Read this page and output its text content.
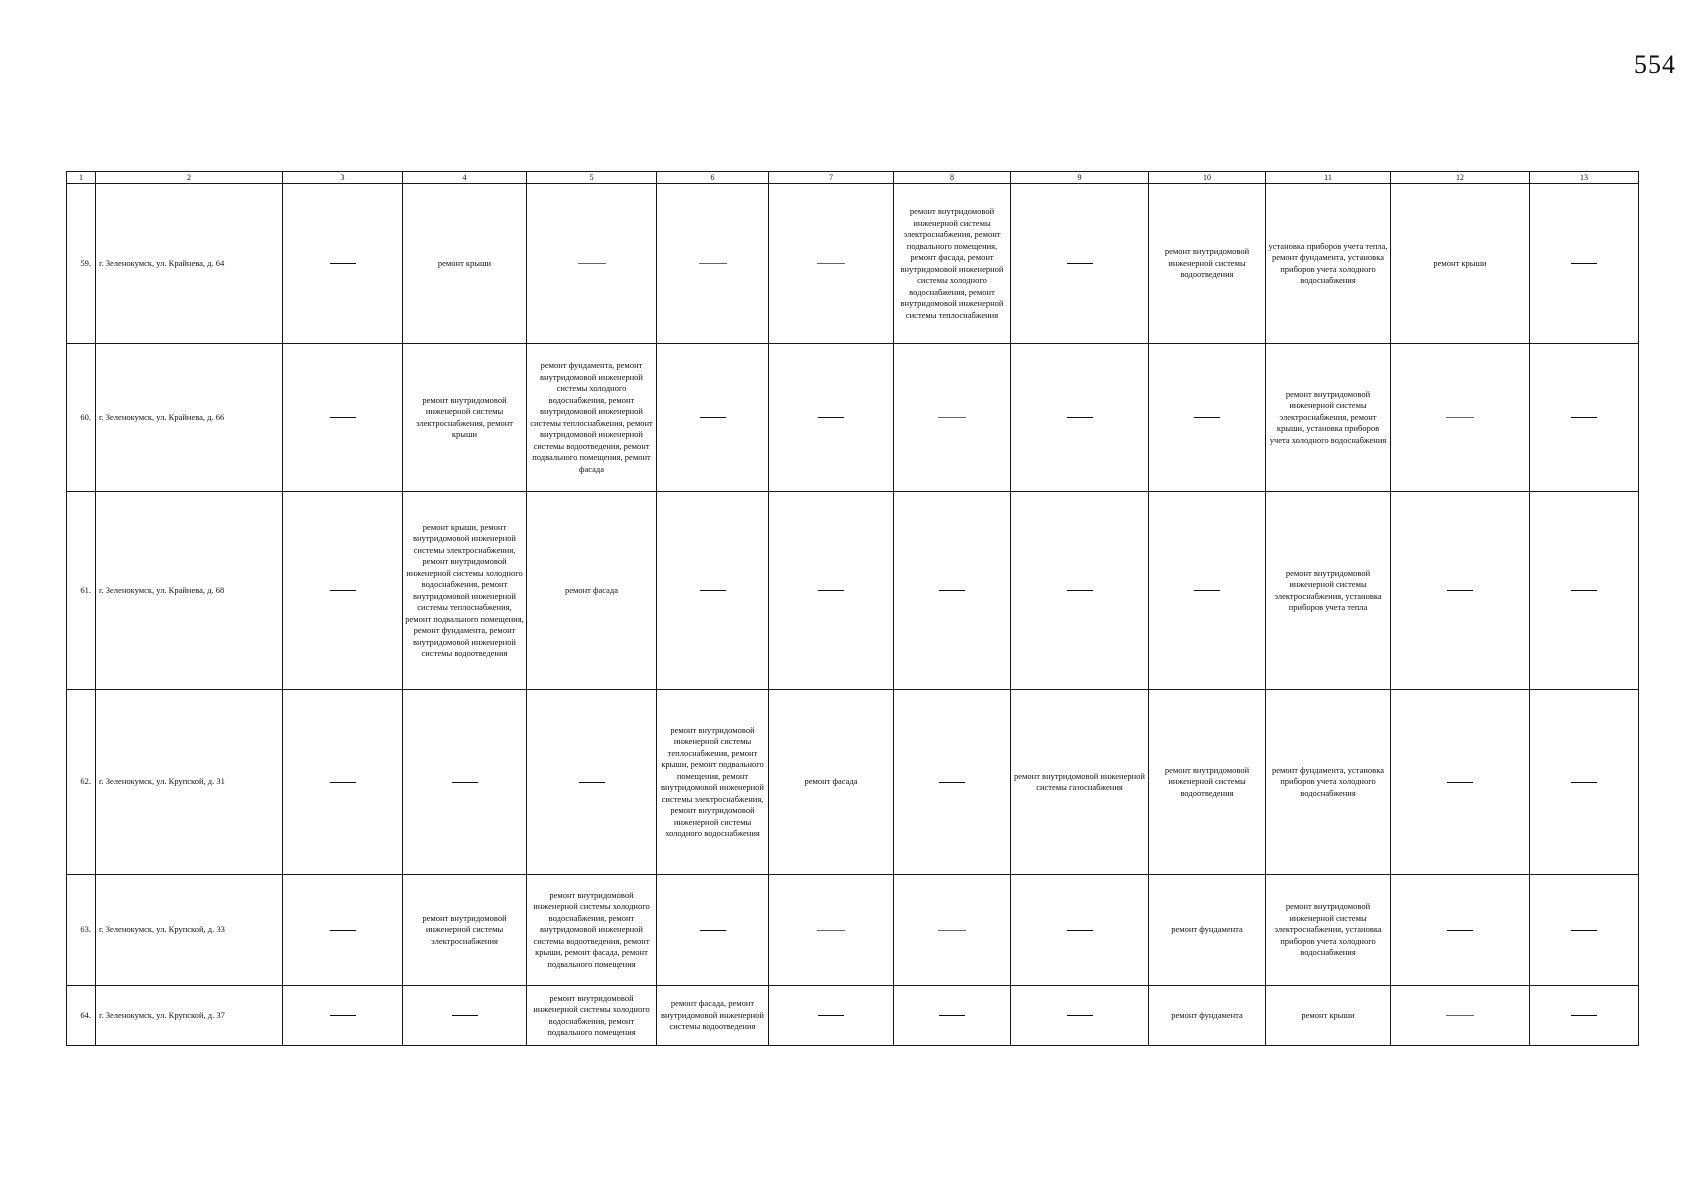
554
1	2	3	4	5	6	7	8	9	10	11	12	13
59.	г. Зеленокумск, ул. Крайнева, д. 64		ремонт крыши				ремонт внутридомовой инженерной системы электроснабжения, ремонт подвального помещения, ремонт фасада, ремонт внутридомовой инженерной системы холодного водоснабжения, ремонт внутридомовой инженерной системы теплоснабжения		ремонт внутридомовой инженерной системы водоотведения	установка приборов учета тепла, ремонт фундамента, установка приборов учета холодного водоснабжения	ремонт крыши	
60.	г. Зеленокумск, ул. Крайнева, д. 66		ремонт внутридомовой инженерной системы электроснабжения, ремонт крыши	ремонт фундамента, ремонт внутридомовой инженерной системы холодного водоснабжения, ремонт внутридомовой инженерной системы теплоснабжения, ремонт внутридомовой инженерной системы водоотведения, ремонт подвального помещения, ремонт фасада						ремонт внутридомовой инженерной системы электроснабжения, ремонт крыши, установка приборов учета холодного водоснабжения		
61.	г. Зеленокумск, ул. Крайнева, д. 68		ремонт крыши, ремонт внутридомовой инженерной системы электроснабжения, ремонт внутридомовой инженерной системы холодного водоснабжения, ремонт внутридомовой инженерной системы теплоснабжения, ремонт подвального помещения, ремонт фундамента, ремонт внутридомовой инженерной системы водоотведения	ремонт фасада						ремонт внутридомовой инженерной системы электроснабжения, установка приборов учета тепла		
62.	г. Зеленокумск, ул. Крупской, д. 31				ремонт внутридомовой инженерной системы теплоснабжения, ремонт крыши, ремонт подвального помещения, ремонт внутридомовой инженерной системы электроснабжения, ремонт внутридомовой инженерной системы холодного водоснабжения	ремонт фасада		ремонт внутридомовой инженерной системы газоснабжения	ремонт внутридомовой инженерной системы водоотведения	ремонт фундамента, установка приборов учета холодного водоснабжения		
63.	г. Зеленокумск, ул. Крупской, д. 33		ремонт внутридомовой инженерной системы электроснабжения	ремонт внутридомовой инженерной системы холодного водоснабжения, ремонт внутридомовой инженерной системы водоотведения, ремонт крыши, ремонт фасада, ремонт подвального помещения					ремонт фундамента	ремонт внутридомовой инженерной системы электроснабжения, установка приборов учета холодного водоснабжения		
64.	г. Зеленокумск, ул. Крупской, д. 37			ремонт внутридомовой инженерной системы холодного водоснабжения, ремонт подвального помещения	ремонт фасада, ремонт внутридомовой инженерной системы водоотведения				ремонт фундамента	ремонт крыши		
